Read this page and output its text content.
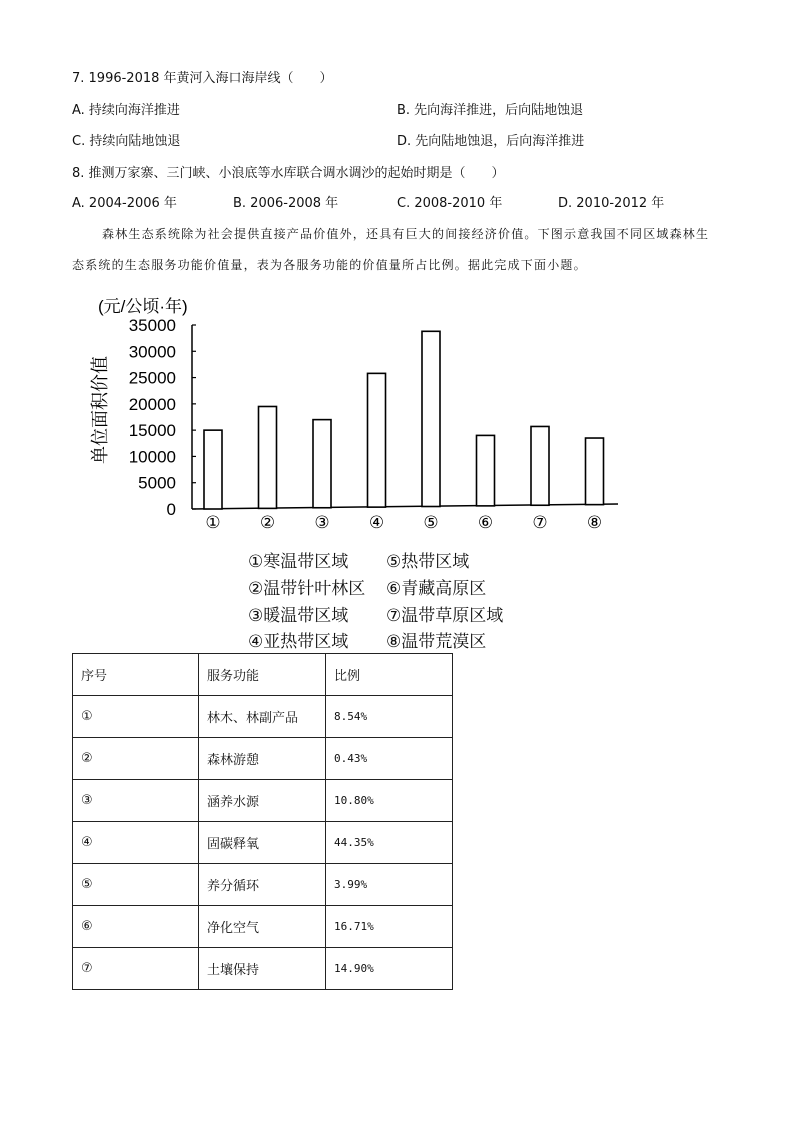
7. 1996-2018 年黄河入海口海岸线（　　）
A. 持续向海洋推进	B. 先向海洋推进，后向陆地蚀退
C. 持续向陆地蚀退	D. 先向陆地蚀退，后向海洋推进
8. 推测万家寨、三门峡、小浪底等水库联合调水调沙的起始时期是（　　）
A. 2004-2006 年	B. 2006-2008 年	C. 2008-2010 年	D. 2010-2012 年
森林生态系统除为社会提供直接产品价值外，还具有巨大的间接经济价值。下图示意我国不同区域森林生态系统的生态服务功能价值量，表为各服务功能的价值量所占比例。据此完成下面小题。
(元/公顷·年)
单位面积价值
0
5000
10000
15000
20000
25000
30000
35000
① ② ③ ④ ⑤ ⑥ ⑦ ⑧
①寒温带区域 ⑤热带区域
②温带针叶林区 ⑥青藏高原区
③暖温带区域 ⑦温带草原区域
④亚热带区域 ⑧温带荒漠区
序号	服务功能	比例
①	林木、林副产品	8.54%
②	森林游憩	0.43%
③	涵养水源	10.80%
④	固碳释氧	44.35%
⑤	养分循环	3.99%
⑥	净化空气	16.71%
⑦	土壤保持	14.90%
